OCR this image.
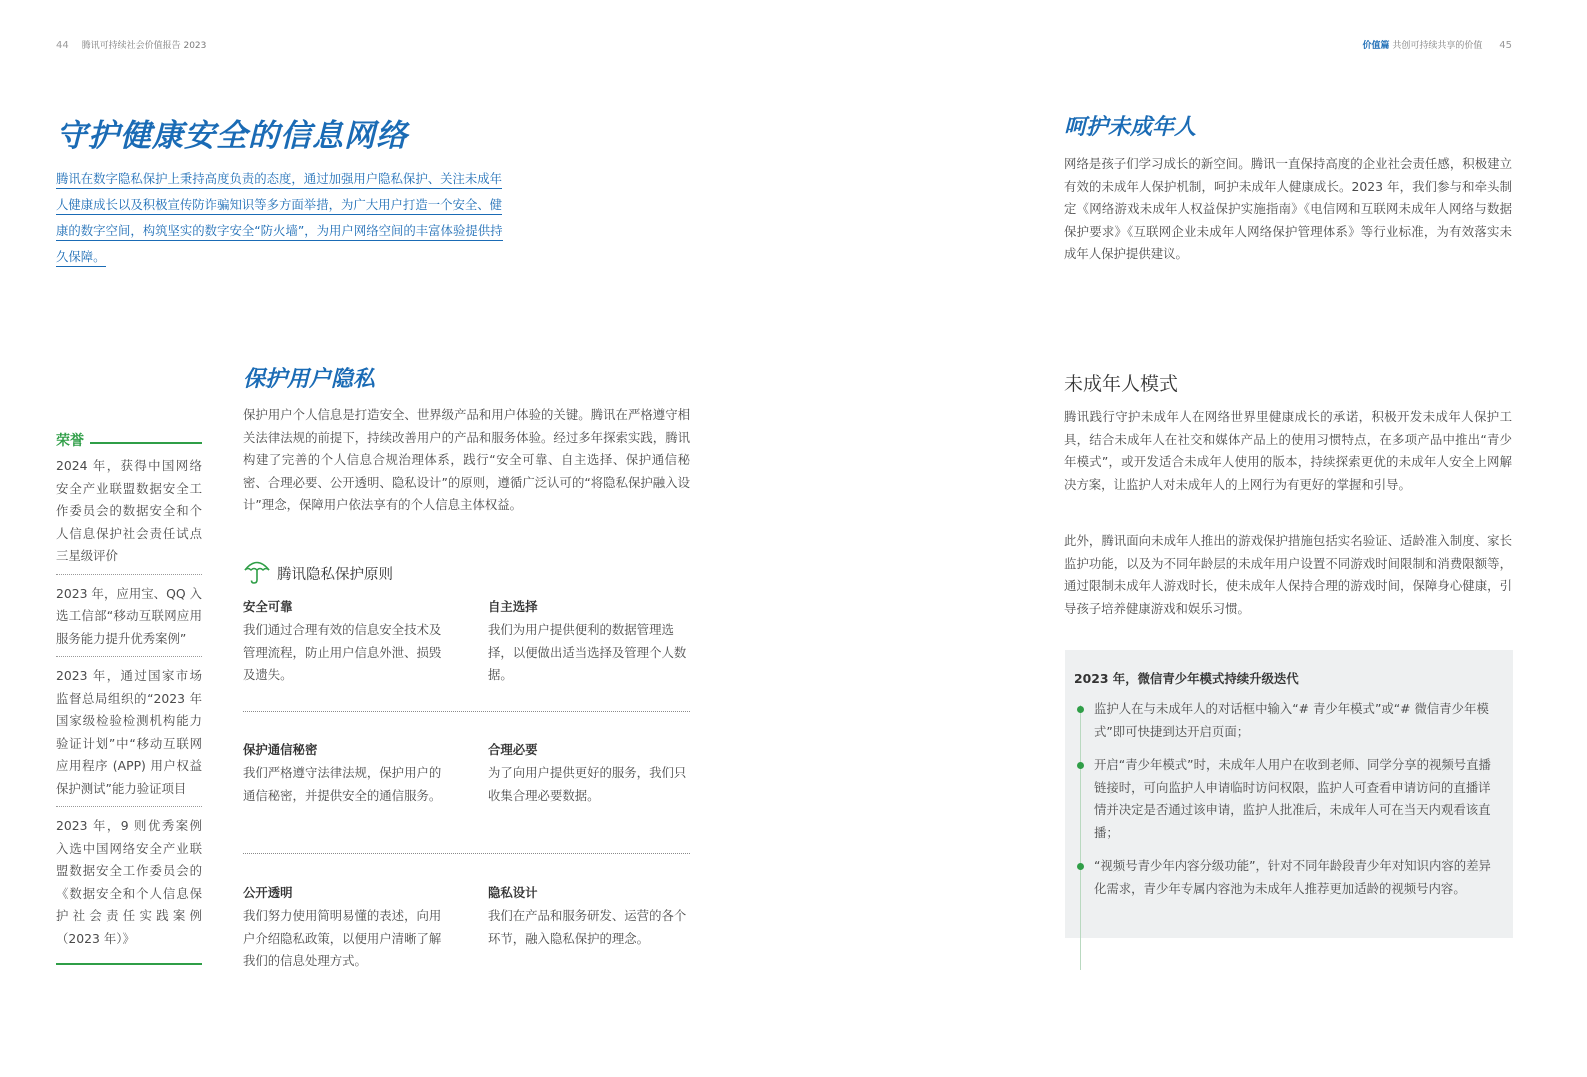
44 腾讯可持续社会价值报告 2023	价值篇 共创可持续共享的价值 45
守护健康安全的信息网络
腾讯在数字隐私保护上秉持高度负责的态度，通过加强用户隐私保护、关注未成年人健康成长以及积极宣传防诈骗知识等多方面举措，为广大用户打造一个安全、健康的数字空间，构筑坚实的数字安全“防火墙”，为用户网络空间的丰富体验提供持久保障。
荣誉
2024 年，获得中国网络安全产业联盟数据安全工作委员会的数据安全和个人信息保护社会责任试点三星级评价
2023 年，应用宝、QQ 入选工信部“移动互联网应用服务能力提升优秀案例”
2023 年，通过国家市场监督总局组织的“2023 年国家级检验检测机构能力验证计划”中“移动互联网应用程序 (APP) 用户权益保护测试”能力验证项目
2023 年，9 则优秀案例入选中国网络安全产业联盟数据安全工作委员会的《数据安全和个人信息保护社会责任实践案例（2023 年）》
保护用户隐私
保护用户个人信息是打造安全、世界级产品和用户体验的关键。腾讯在严格遵守相关法律法规的前提下，持续改善用户的产品和服务体验。经过多年探索实践，腾讯构建了完善的个人信息合规治理体系，践行“安全可靠、自主选择、保护通信秘密、合理必要、公开透明、隐私设计”的原则，遵循广泛认可的“将隐私保护融入设计”理念，保障用户依法享有的个人信息主体权益。
腾讯隐私保护原则
安全可靠
我们通过合理有效的信息安全技术及管理流程，防止用户信息外泄、损毁及遗失。
自主选择
我们为用户提供便利的数据管理选择，以便做出适当选择及管理个人数据。
保护通信秘密
我们严格遵守法律法规，保护用户的通信秘密，并提供安全的通信服务。
合理必要
为了向用户提供更好的服务，我们只收集合理必要数据。
公开透明
我们努力使用简明易懂的表述，向用户介绍隐私政策，以便用户清晰了解我们的信息处理方式。
隐私设计
我们在产品和服务研发、运营的各个环节，融入隐私保护的理念。
呵护未成年人
网络是孩子们学习成长的新空间。腾讯一直保持高度的企业社会责任感，积极建立有效的未成年人保护机制，呵护未成年人健康成长。2023 年，我们参与和牵头制定《网络游戏未成年人权益保护实施指南》《电信网和互联网未成年人网络与数据保护要求》《互联网企业未成年人网络保护管理体系》等行业标准，为有效落实未成年人保护提供建议。
未成年人模式
腾讯践行守护未成年人在网络世界里健康成长的承诺，积极开发未成年人保护工具，结合未成年人在社交和媒体产品上的使用习惯特点，在多项产品中推出“青少年模式”，或开发适合未成年人使用的版本，持续探索更优的未成年人安全上网解决方案，让监护人对未成年人的上网行为有更好的掌握和引导。
此外，腾讯面向未成年人推出的游戏保护措施包括实名验证、适龄准入制度、家长监护功能，以及为不同年龄层的未成年用户设置不同游戏时间限制和消费限额等，通过限制未成年人游戏时长，使未成年人保持合理的游戏时间，保障身心健康，引导孩子培养健康游戏和娱乐习惯。
2023 年，微信青少年模式持续升级迭代
监护人在与未成年人的对话框中输入“# 青少年模式”或“# 微信青少年模式”即可快捷到达开启页面；
开启“青少年模式”时，未成年人用户在收到老师、同学分享的视频号直播链接时，可向监护人申请临时访问权限，监护人可查看申请访问的直播详情并决定是否通过该申请，监护人批准后，未成年人可在当天内观看该直播；
“视频号青少年内容分级功能”，针对不同年龄段青少年对知识内容的差异化需求，青少年专属内容池为未成年人推荐更加适龄的视频号内容。
